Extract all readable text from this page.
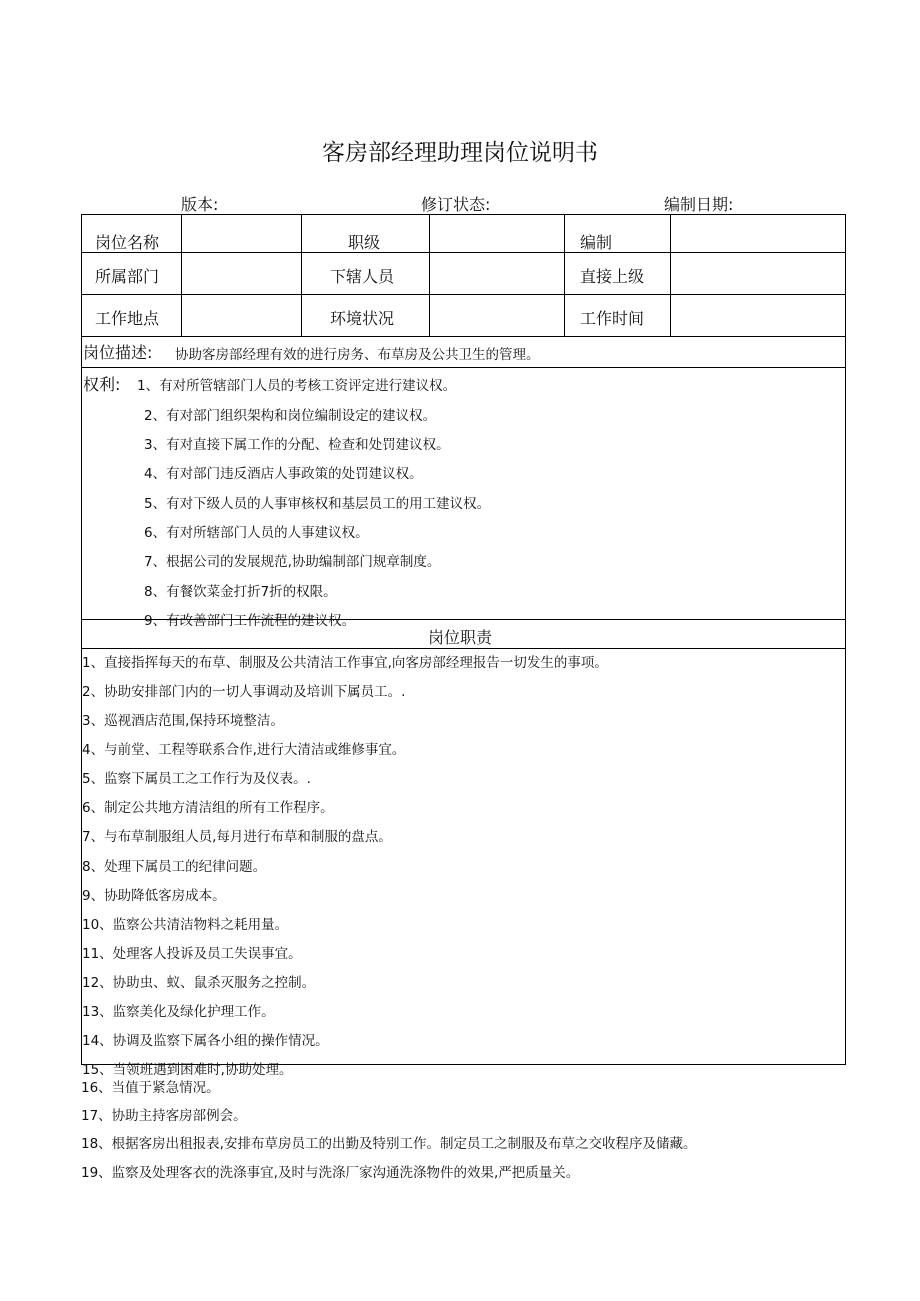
客房部经理助理岗位说明书
版本:	修订状态:	编制日期:
岗位名称	职级	编制
所属部门	下辖人员	直接上级
工作地点	环境状况	工作时间
岗位描述: 协助客房部经理有效的进行房务、布草房及公共卫生的管理。
权利: 1、有对所管辖部门人员的考核工资评定进行建议权。
2、有对部门组织架构和岗位编制设定的建议权。
3、有对直接下属工作的分配、检查和处罚建议权。
4、有对部门违反酒店人事政策的处罚建议权。
5、有对下级人员的人事审核权和基层员工的用工建议权。
6、有对所辖部门人员的人事建议权。
7、根据公司的发展规范,协助编制部门规章制度。
8、有餐饮菜金打折7折的权限。
9、有改善部门工作流程的建议权。
岗位职责
1、直接指挥每天的布草、制服及公共清洁工作事宜,向客房部经理报告一切发生的事项。
2、协助安排部门内的一切人事调动及培训下属员工。.
3、巡视酒店范围,保持环境整洁。
4、与前堂、工程等联系合作,进行大清洁或维修事宜。
5、监察下属员工之工作行为及仪表。.
6、制定公共地方清洁组的所有工作程序。
7、与布草制服组人员,每月进行布草和制服的盘点。
8、处理下属员工的纪律问题。
9、协助降低客房成本。
10、监察公共清洁物料之耗用量。
11、处理客人投诉及员工失误事宜。
12、协助虫、蚁、鼠杀灭服务之控制。
13、监察美化及绿化护理工作。
14、协调及监察下属各小组的操作情况。
15、当领班遇到困难时,协助处理。
16、当值于紧急情况。
17、协助主持客房部例会。
18、根据客房出租报表,安排布草房员工的出勤及特别工作。制定员工之制服及布草之交收程序及储藏。
19、监察及处理客衣的洗涤事宜,及时与洗涤厂家沟通洗涤物件的效果,严把质量关。
